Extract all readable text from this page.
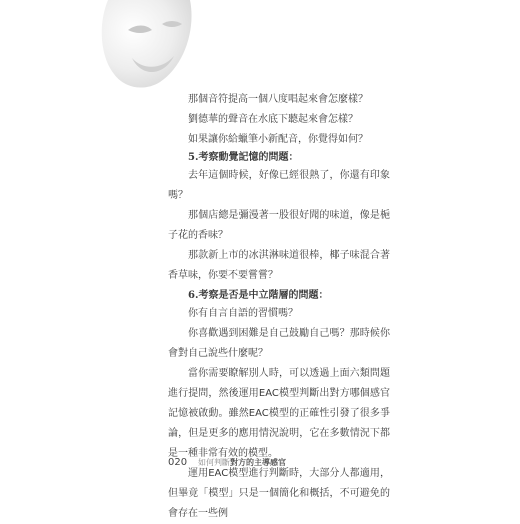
那個音符提高一個八度唱起來會怎麼樣？

劉德華的聲音在水底下聽起來會怎樣？

如果讓你給蠟筆小新配音，你覺得如何？

5.考察動覺記憶的問題：

去年這個時候，好像已經很熱了，你還有印象嗎？

那個店總是彌漫著一股很好聞的味道，像是梔子花的香味？

那款新上市的冰淇淋味道很棒，椰子味混合著香草味，你要不要嘗嘗？

6.考察是否是中立階層的問題：

你有自言自語的習慣嗎？

你喜歡遇到困難是自己鼓勵自己嗎？那時候你會對自己說些什麼呢？

當你需要瞭解別人時，可以透過上面六類問題進行提問，然後運用EAC模型判斷出對方哪個感官記憶被啟動。雖然EAC模型的正確性引發了很多爭論，但是更多的應用情況說明，它在多數情況下都是一種非常有效的模型。

運用EAC模型進行判斷時，大部分人都適用，但畢竟「模型」只是一個簡化和概括，不可避免的會存在一些例

020 如何判斷對方的主導感官
